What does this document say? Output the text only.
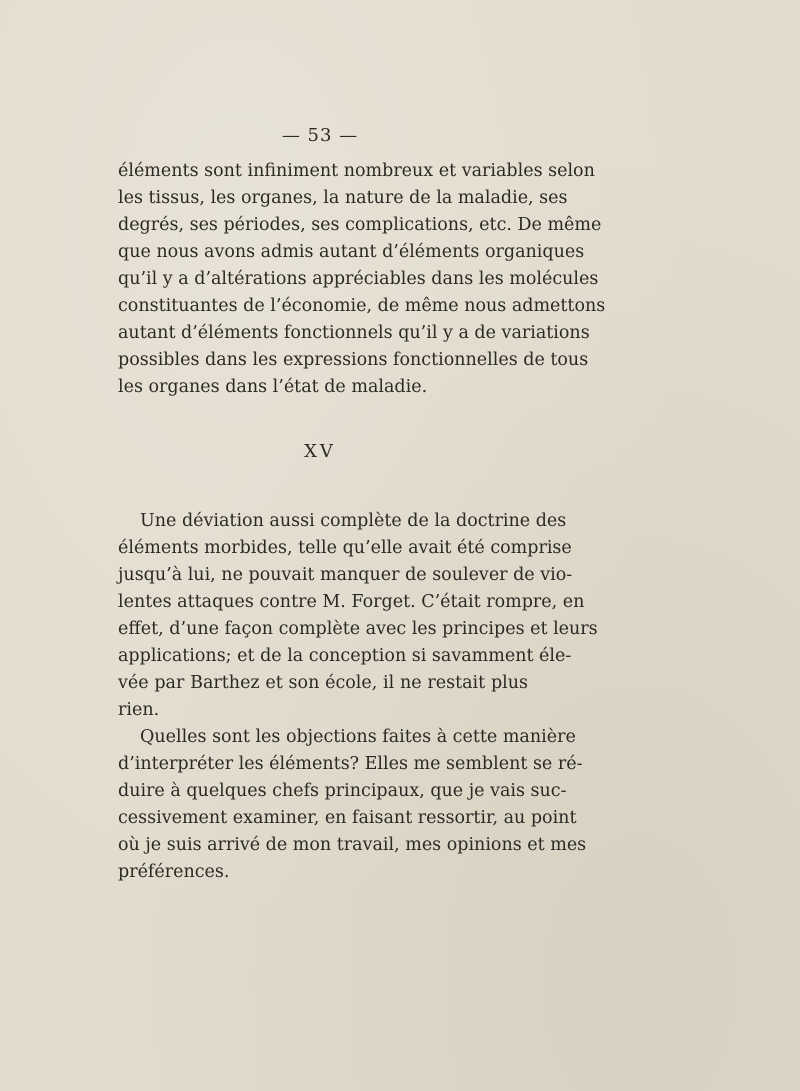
— 53 —
éléments sont infiniment nombreux et variables selon
les tissus, les organes, la nature de la maladie, ses
degrés, ses périodes, ses complications, etc. De même
que nous avons admis autant d’éléments organiques
qu’il y a d’altérations appréciables dans les molécules
constituantes de l’économie, de même nous admettons
autant d’éléments fonctionnels qu’il y a de variations
possibles dans les expressions fonctionnelles de tous
les organes dans l’état de maladie.
XV
Une déviation aussi complète de la doctrine des
éléments morbides, telle qu’elle avait été comprise
jusqu’à lui, ne pouvait manquer de soulever de vio-
lentes attaques contre M. Forget. C’était rompre, en
effet, d’une façon complète avec les principes et leurs
applications; et de la conception si savamment éle-
vée par Barthez et son école, il ne restait plus
rien.
Quelles sont les objections faites à cette manière
d’interpréter les éléments? Elles me semblent se ré-
duire à quelques chefs principaux, que je vais suc-
cessivement examiner, en faisant ressortir, au point
où je suis arrivé de mon travail, mes opinions et mes
préférences.
